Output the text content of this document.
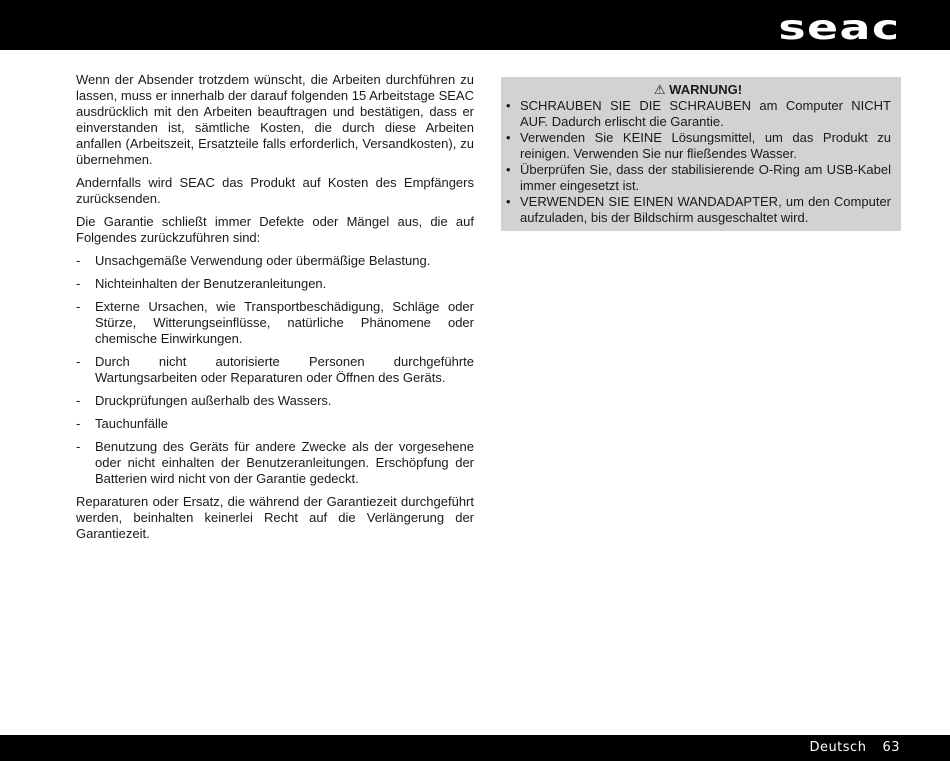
seac

Wenn der Absender trotzdem wünscht, die Arbeiten durchführen zu lassen, muss er innerhalb der darauf folgenden 15 Arbeitstage SEAC ausdrücklich mit den Arbeiten beauftragen und bestätigen, dass er einverstanden ist, sämtliche Kosten, die durch diese Arbeiten anfallen (Arbeitszeit, Ersatzteile falls erforderlich, Versandkosten), zu übernehmen.

Andernfalls wird SEAC das Produkt auf Kosten des Empfängers zurücksenden.

Die Garantie schließt immer Defekte oder Mängel aus, die auf Folgendes zurückzuführen sind:

- Unsachgemäße Verwendung oder übermäßige Belastung.
- Nichteinhalten der Benutzeranleitungen.
- Externe Ursachen, wie Transportbeschädigung, Schläge oder Stürze, Witterungseinflüsse, natürliche Phänomene oder chemische Einwirkungen.
- Durch nicht autorisierte Personen durchgeführte Wartungsarbeiten oder Reparaturen oder Öffnen des Geräts.
- Druckprüfungen außerhalb des Wassers.
- Tauchunfälle
- Benutzung des Geräts für andere Zwecke als der vorgesehene oder nicht einhalten der Benutzeranleitungen. Erschöpfung der Batterien wird nicht von der Garantie gedeckt.

Reparaturen oder Ersatz, die während der Garantiezeit durchgeführt werden, beinhalten keinerlei Recht auf die Verlängerung der Garantiezeit.

⚠ WARNUNG!
• SCHRAUBEN SIE DIE SCHRAUBEN am Computer NICHT AUF. Dadurch erlischt die Garantie.
• Verwenden Sie KEINE Lösungsmittel, um das Produkt zu reinigen. Verwenden Sie nur fließendes Wasser.
• Überprüfen Sie, dass der stabilisierende O-Ring am USB-Kabel immer eingesetzt ist.
• VERWENDEN SIE EINEN WANDADAPTER, um den Computer aufzuladen, bis der Bildschirm ausgeschaltet wird.
Deutsch 63
